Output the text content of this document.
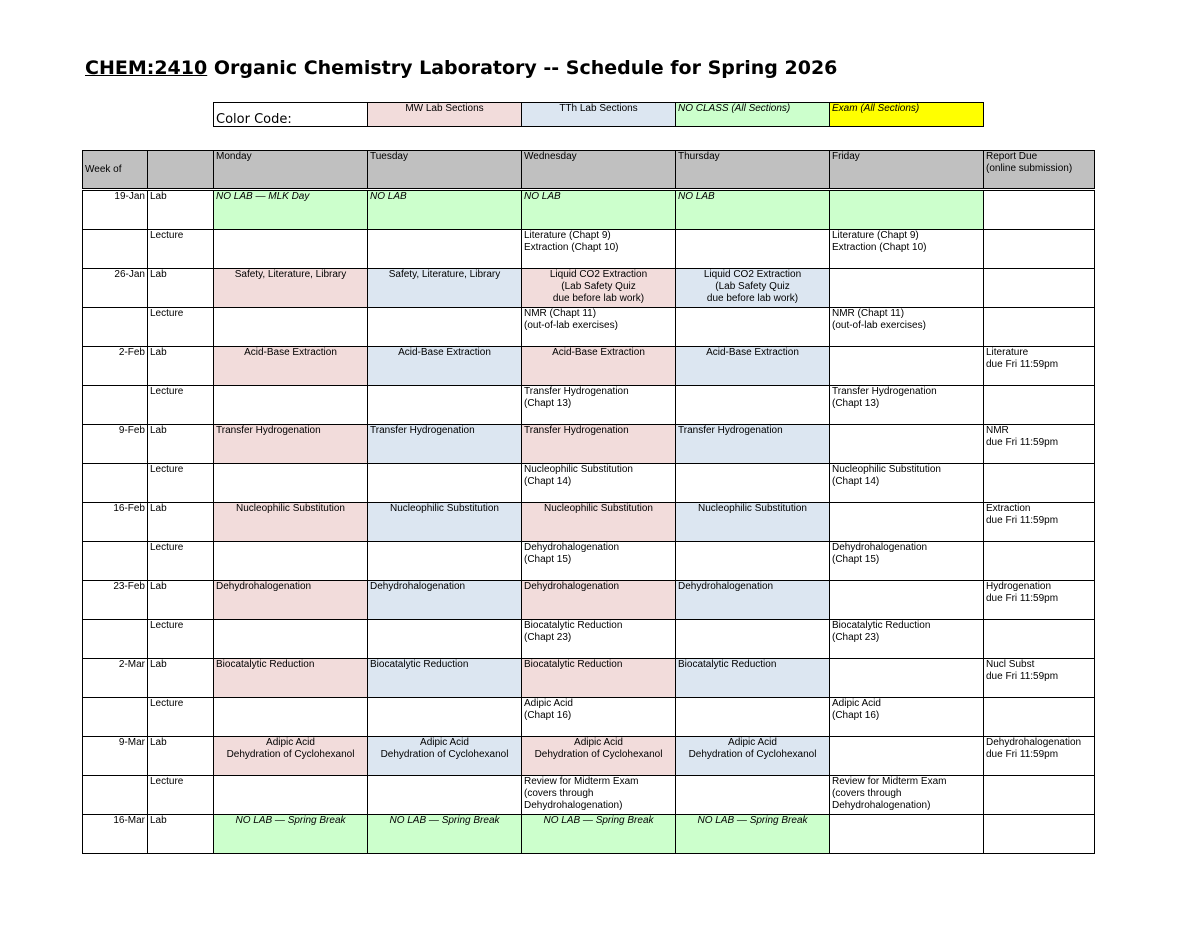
CHEM:2410 Organic Chemistry Laboratory -- Schedule for Spring 2026
Color Code:	MW Lab Sections	TTh Lab Sections	NO CLASS (All Sections)	Exam (All Sections)
Week of		Monday	Tuesday	Wednesday	Thursday	Friday	Report Due
(online submission)
19-Jan	Lab	NO LAB — MLK Day	NO LAB	NO LAB	NO LAB		
	Lecture			Literature (Chapt 9)
Extraction (Chapt 10)		Literature (Chapt 9)
Extraction (Chapt 10)	
26-Jan	Lab	Safety, Literature, Library	Safety, Literature, Library	Liquid CO2 Extraction
(Lab Safety Quiz
due before lab work)	Liquid CO2 Extraction
(Lab Safety Quiz
due before lab work)		
	Lecture			NMR (Chapt 11)
(out-of-lab exercises)		NMR (Chapt 11)
(out-of-lab exercises)	
2-Feb	Lab	Acid-Base Extraction	Acid-Base Extraction	Acid-Base Extraction	Acid-Base Extraction		Literature
due Fri 11:59pm
	Lecture			Transfer Hydrogenation
(Chapt 13)		Transfer Hydrogenation
(Chapt 13)	
9-Feb	Lab	Transfer Hydrogenation	Transfer Hydrogenation	Transfer Hydrogenation	Transfer Hydrogenation		NMR
due Fri 11:59pm
	Lecture			Nucleophilic Substitution
(Chapt 14)		Nucleophilic Substitution
(Chapt 14)	
16-Feb	Lab	Nucleophilic Substitution	Nucleophilic Substitution	Nucleophilic Substitution	Nucleophilic Substitution		Extraction
due Fri 11:59pm
	Lecture			Dehydrohalogenation
(Chapt 15)		Dehydrohalogenation
(Chapt 15)	
23-Feb	Lab	Dehydrohalogenation	Dehydrohalogenation	Dehydrohalogenation	Dehydrohalogenation		Hydrogenation
due Fri 11:59pm
	Lecture			Biocatalytic Reduction
(Chapt 23)		Biocatalytic Reduction
(Chapt 23)	
2-Mar	Lab	Biocatalytic Reduction	Biocatalytic Reduction	Biocatalytic Reduction	Biocatalytic Reduction		Nucl Subst
due Fri 11:59pm
	Lecture			Adipic Acid
(Chapt 16)		Adipic Acid
(Chapt 16)	
9-Mar	Lab	Adipic Acid
Dehydration of Cyclohexanol	Adipic Acid
Dehydration of Cyclohexanol	Adipic Acid
Dehydration of Cyclohexanol	Adipic Acid
Dehydration of Cyclohexanol		Dehydrohalogenation
due Fri 11:59pm
	Lecture			Review for Midterm Exam
(covers through
Dehydrohalogenation)		Review for Midterm Exam
(covers through
Dehydrohalogenation)	
16-Mar	Lab	NO LAB — Spring Break	NO LAB — Spring Break	NO LAB — Spring Break	NO LAB — Spring Break		
